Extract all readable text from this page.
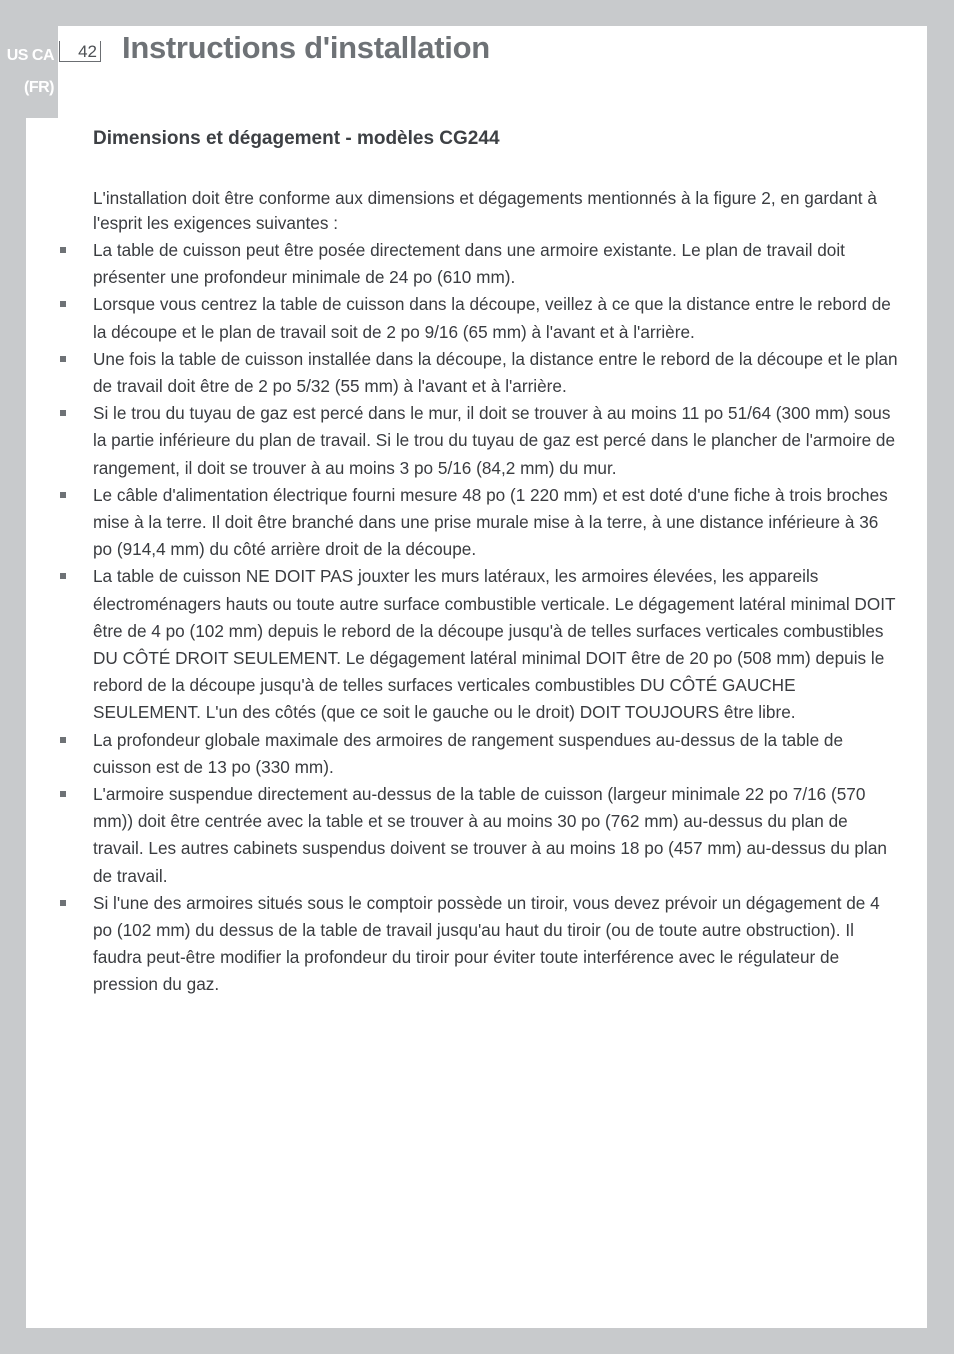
US CA
(FR)
42 Instructions d'installation
Dimensions et dégagement - modèles CG244

L'installation doit être conforme aux dimensions et dégagements mentionnés à la figure 2, en gardant à l'esprit les exigences suivantes :

La table de cuisson peut être posée directement dans une armoire existante. Le plan de travail doit présenter une profondeur minimale de 24 po (610 mm).
Lorsque vous centrez la table de cuisson dans la découpe, veillez à ce que la distance entre le rebord de la découpe et le plan de travail soit de 2 po 9/16 (65 mm) à l'avant et à l'arrière.
Une fois la table de cuisson installée dans la découpe, la distance entre le rebord de la découpe et le plan de travail doit être de 2 po 5/32 (55 mm) à l'avant et à l'arrière.
Si le trou du tuyau de gaz est percé dans le mur, il doit se trouver à au moins 11 po 51/64 (300 mm) sous la partie inférieure du plan de travail. Si le trou du tuyau de gaz est percé dans le plancher de l'armoire de rangement, il doit se trouver à au moins 3 po 5/16 (84,2 mm) du mur.
Le câble d'alimentation électrique fourni mesure 48 po (1 220 mm) et est doté d'une fiche à trois broches mise à la terre. Il doit être branché dans une prise murale mise à la terre, à une distance inférieure à 36 po (914,4 mm) du côté arrière droit de la découpe.
La table de cuisson NE DOIT PAS jouxter les murs latéraux, les armoires élevées, les appareils électroménagers hauts ou toute autre surface combustible verticale. Le dégagement latéral minimal DOIT être de 4 po (102 mm) depuis le rebord de la découpe jusqu'à de telles surfaces verticales combustibles DU CÔTÉ DROIT SEULEMENT. Le dégagement latéral minimal DOIT être de 20 po (508 mm) depuis le rebord de la découpe jusqu'à de telles surfaces verticales combustibles DU CÔTÉ GAUCHE SEULEMENT. L'un des côtés (que ce soit le gauche ou le droit) DOIT TOUJOURS être libre.
La profondeur globale maximale des armoires de rangement suspendues au-dessus de la table de cuisson est de 13 po (330 mm).
L'armoire suspendue directement au-dessus de la table de cuisson (largeur minimale 22 po 7/16 (570 mm)) doit être centrée avec la table et se trouver à au moins 30 po (762 mm) au-dessus du plan de travail. Les autres cabinets suspendus doivent se trouver à au moins 18 po (457 mm) au-dessus du plan de travail.
Si l'une des armoires situés sous le comptoir possède un tiroir, vous devez prévoir un dégagement de 4 po (102 mm) du dessus de la table de travail jusqu'au haut du tiroir (ou de toute autre obstruction). Il faudra peut-être modifier la profondeur du tiroir pour éviter toute interférence avec le régulateur de pression du gaz.
